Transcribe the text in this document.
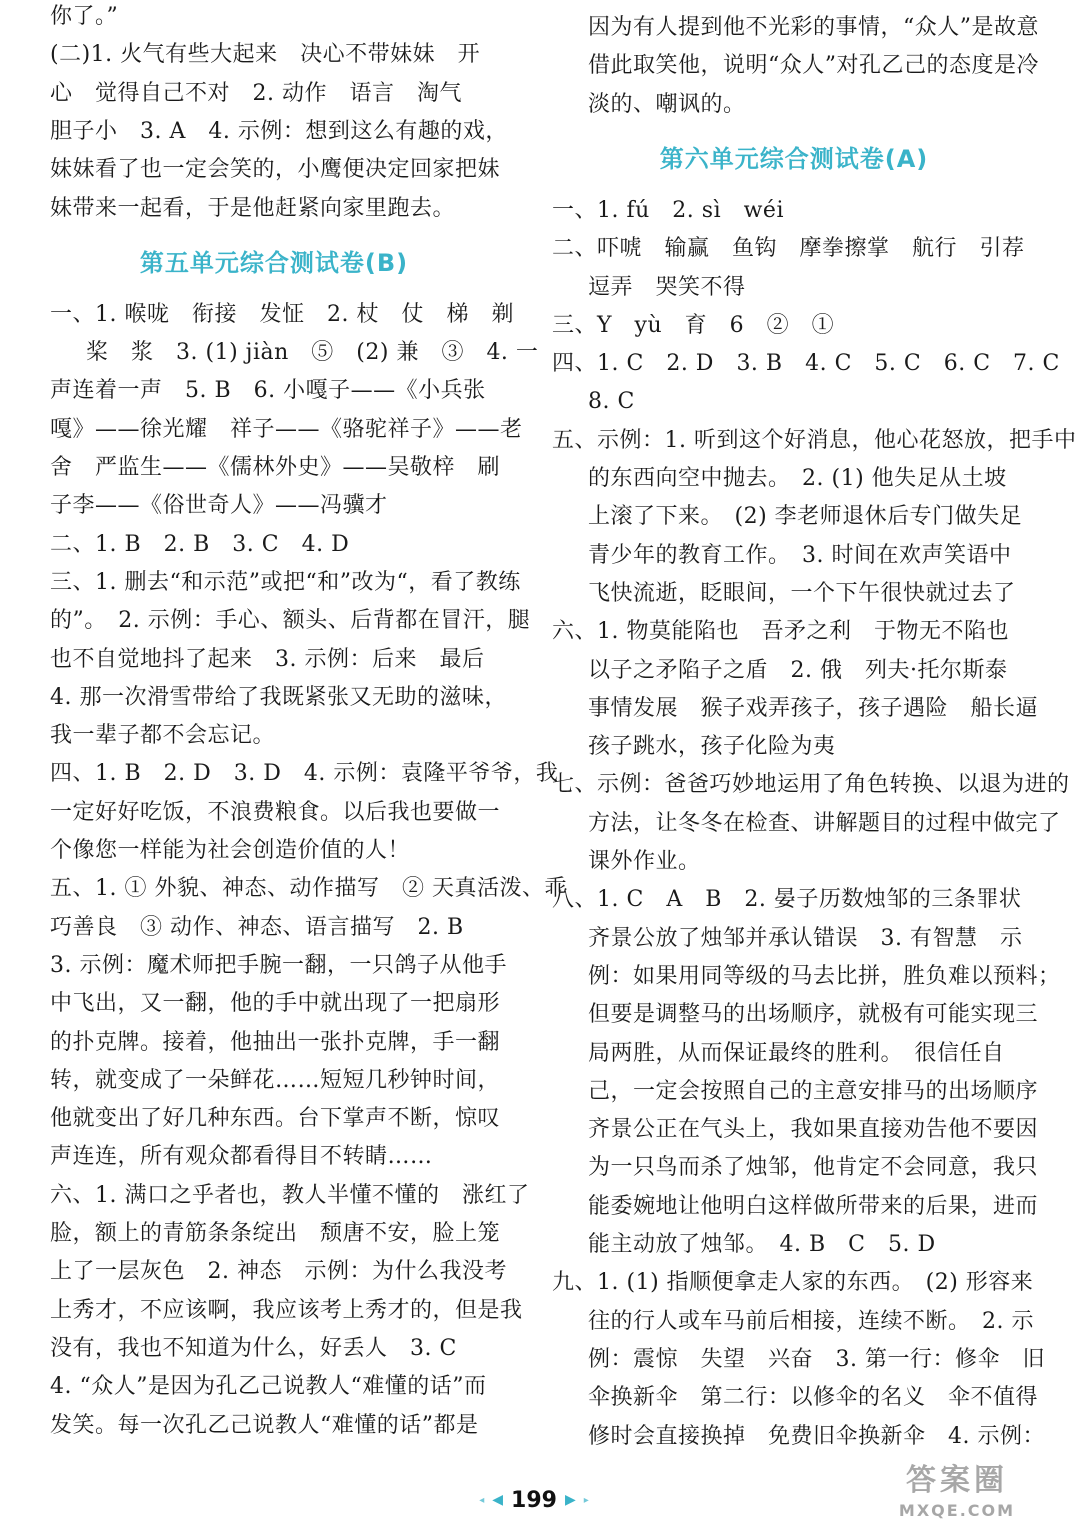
你了。”
(二)1. 火气有些大起来　决心不带妹妹　开
心　觉得自己不对　2. 动作　语言　淘气
胆子小　3. A　4. 示例：想到这么有趣的戏，
妹妹看了也一定会笑的，小鹰便决定回家把妹
妹带来一起看，于是他赶紧向家里跑去。
第五单元综合测试卷(B)
一、1. 喉咙　衔接　发怔　2. 杖　仗　梯　剃
桨　浆　3. (1) jiàn　⑤　(2) 兼　③　4. 一
声连着一声　5. B　6. 小嘎子——《小兵张
嘎》——徐光耀　祥子——《骆驼祥子》——老
舍　严监生——《儒林外史》——吴敬梓　刷
子李——《俗世奇人》——冯骥才
二、1. B　2. B　3. C　4. D
三、1. 删去“和示范”或把“和”改为“，看了教练
的”。　2. 示例：手心、额头、后背都在冒汗，腿
也不自觉地抖了起来　3. 示例：后来　最后
4. 那一次滑雪带给了我既紧张又无助的滋味，
我一辈子都不会忘记。
四、1. B　2. D　3. D　4. 示例：袁隆平爷爷，我
一定好好吃饭，不浪费粮食。以后我也要做一
个像您一样能为社会创造价值的人！
五、1. ① 外貌、神态、动作描写　② 天真活泼、乖
巧善良　③ 动作、神态、语言描写　2. B
3. 示例：魔术师把手腕一翻，一只鸽子从他手
中飞出，又一翻，他的手中就出现了一把扇形
的扑克牌。接着，他抽出一张扑克牌，手一翻
转，就变成了一朵鲜花……短短几秒钟时间，
他就变出了好几种东西。台下掌声不断，惊叹
声连连，所有观众都看得目不转睛……
六、1. 满口之乎者也，教人半懂不懂的　涨红了
脸，额上的青筋条条绽出　颓唐不安，脸上笼
上了一层灰色　2. 神态　示例：为什么我没考
上秀才，不应该啊，我应该考上秀才的，但是我
没有，我也不知道为什么，好丢人　3. C
4. “众人”是因为孔乙己说教人“难懂的话”而
发笑。每一次孔乙己说教人“难懂的话”都是
因为有人提到他不光彩的事情，“众人”是故意
借此取笑他，说明“众人”对孔乙己的态度是冷
淡的、嘲讽的。
第六单元综合测试卷(A)
一、1. fú　2. sì　wéi
二、吓唬　输赢　鱼钩　摩拳擦掌　航行　引荐
逗弄　哭笑不得
三、Y　yù　育　6　②　①
四、1. C　2. D　3. B　4. C　5. C　6. C　7. C
8. C
五、示例：1. 听到这个好消息，他心花怒放，把手中
的东西向空中抛去。　2. (1) 他失足从土坡
上滚了下来。　(2) 李老师退休后专门做失足
青少年的教育工作。　3. 时间在欢声笑语中
飞快流逝，眨眼间，一个下午很快就过去了
六、1. 物莫能陷也　吾矛之利　于物无不陷也
以子之矛陷子之盾　2. 俄　列夫·托尔斯泰
事情发展　猴子戏弄孩子，孩子遇险　船长逼
孩子跳水，孩子化险为夷
七、示例：爸爸巧妙地运用了角色转换、以退为进的
方法，让冬冬在检查、讲解题目的过程中做完了
课外作业。
八、1. C　A　B　2. 晏子历数烛邹的三条罪状
齐景公放了烛邹并承认错误　3. 有智慧　示
例：如果用同等级的马去比拼，胜负难以预料；
但要是调整马的出场顺序，就极有可能实现三
局两胜，从而保证最终的胜利。　很信任自
己，一定会按照自己的主意安排马的出场顺序
齐景公正在气头上，我如果直接劝告他不要因
为一只鸟而杀了烛邹，他肯定不会同意，我只
能委婉地让他明白这样做所带来的后果，进而
能主动放了烛邹。　4. B　C　5. D
九、1. (1) 指顺便拿走人家的东西。　(2) 形容来
往的行人或车马前后相接，连续不断。　2. 示
例：震惊　失望　兴奋　3. 第一行：修伞　旧
伞换新伞　第二行：以修伞的名义　伞不值得
修时会直接换掉　免费旧伞换新伞　4. 示例：
◂ ◀ 199 ▶ ▸
答案圈
MXQE.COM
